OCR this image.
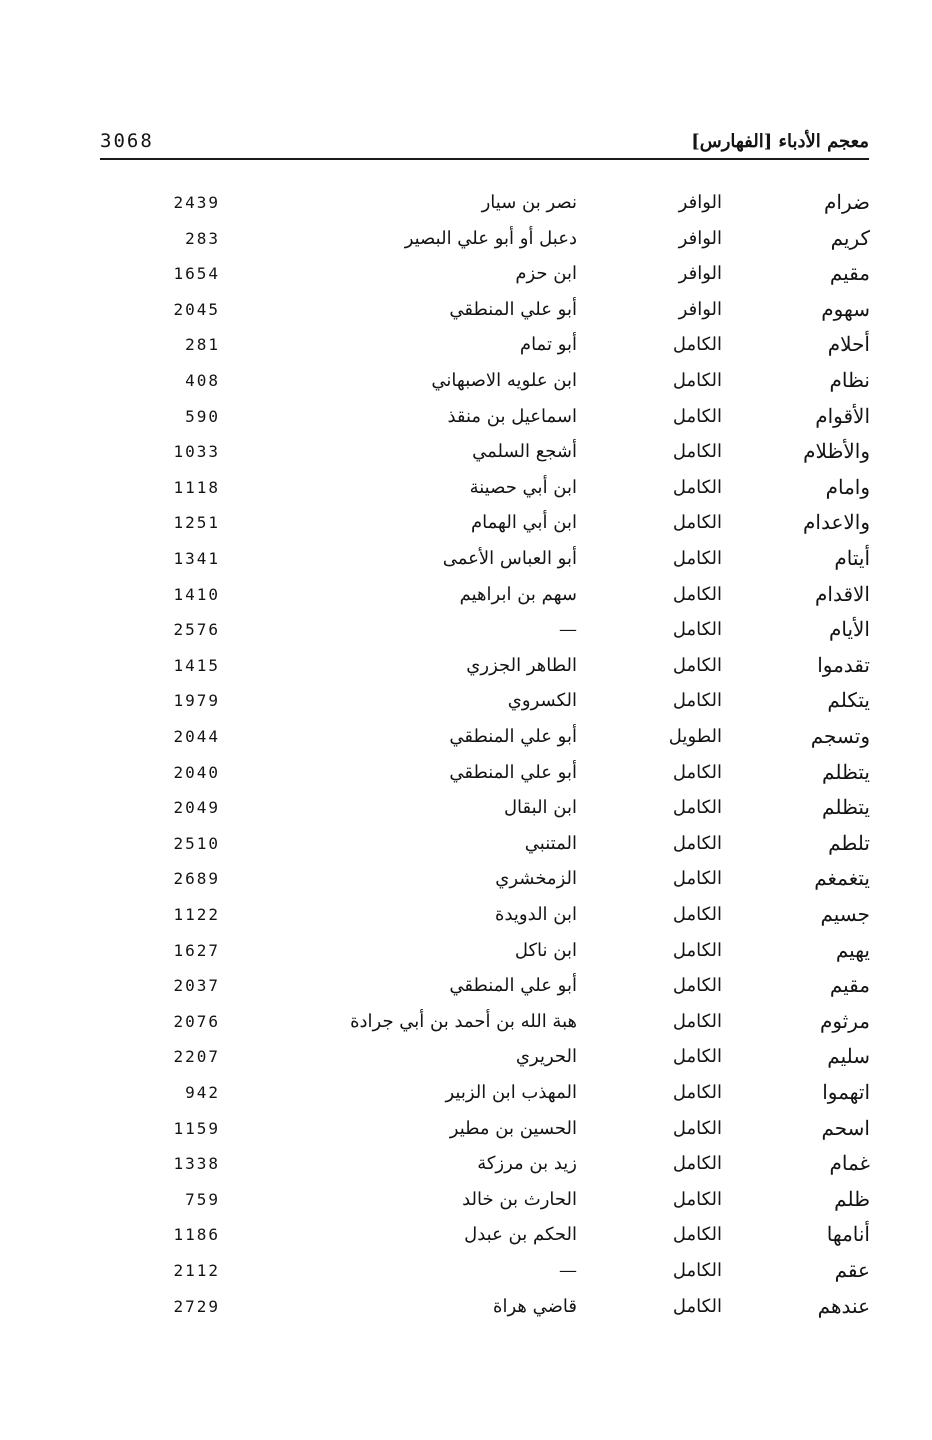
3068	معجم الأدباء [الفهارس]
ضرام
الوافر
نصر بن سيار
2439
كريم
الوافر
دعبل أو أبو علي البصير
283
مقيم
الوافر
ابن حزم
1654
سهوم
الوافر
أبو علي المنطقي
2045
أحلام
الكامل
أبو تمام
281
نظام
الكامل
ابن علويه الاصبهاني
408
الأقوام
الكامل
اسماعيل بن منقذ
590
والأظلام
الكامل
أشجع السلمي
1033
وامام
الكامل
ابن أبي حصينة
1118
والاعدام
الكامل
ابن أبي الهمام
1251
أيتام
الكامل
أبو العباس الأعمى
1341
الاقدام
الكامل
سهم بن ابراهيم
1410
الأيام
الكامل
—
2576
تقدموا
الكامل
الطاهر الجزري
1415
يتكلم
الكامل
الكسروي
1979
وتسجم
الطويل
أبو علي المنطقي
2044
يتظلم
الكامل
أبو علي المنطقي
2040
يتظلم
الكامل
ابن البقال
2049
تلطم
الكامل
المتنبي
2510
يتغمغم
الكامل
الزمخشري
2689
جسيم
الكامل
ابن الدويدة
1122
يهيم
الكامل
ابن ناكل
1627
مقيم
الكامل
أبو علي المنطقي
2037
مرثوم
الكامل
هبة الله بن أحمد بن أبي جرادة
2076
سليم
الكامل
الحريري
2207
اتهموا
الكامل
المهذب ابن الزبير
942
اسحم
الكامل
الحسين بن مطير
1159
غمام
الكامل
زيد بن مرزكة
1338
ظلم
الكامل
الحارث بن خالد
759
أنامها
الكامل
الحكم بن عبدل
1186
عقم
الكامل
—
2112
عندهم
الكامل
قاضي هراة
2729
